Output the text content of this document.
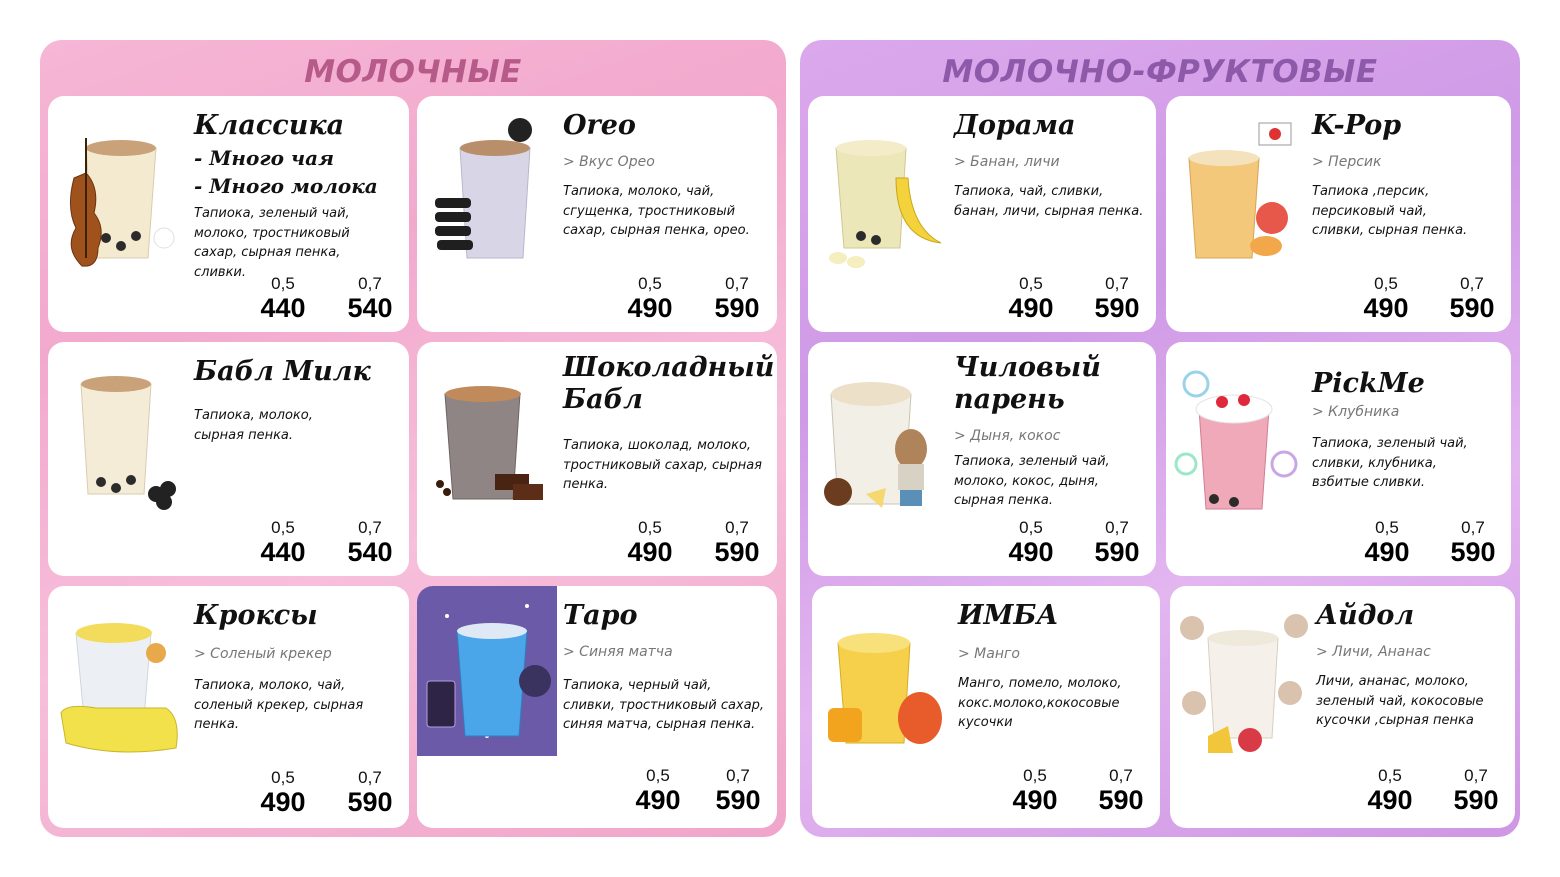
МОЛОЧНЫЕ
Классика
- Много чая
- Много молока
Тапиока, зеленый чай, молоко, тростниковый сахар, сырная пенка, сливки.
0,5
440
0,7
540
Oreo
> Вкус Орео
Тапиока, молоко, чай, сгущенка, тростниковый сахар, сырная пенка, орео.
0,5
490
0,7
590
Бабл Милк
Тапиока, молоко, сырная пенка.
0,5
440
0,7
540
Шоколадный Бабл
Тапиока, шоколад, молоко, тростниковый сахар, сырная пенка.
0,5
490
0,7
590
Кроксы
> Соленый крекер
Тапиока, молоко, чай, соленый крекер, сырная пенка.
0,5
490
0,7
590
Таро
> Синяя матча
Тапиока, черный чай, сливки, тростниковый сахар, синяя матча, сырная пенка.
0,5
490
0,7
590
МОЛОЧНО-ФРУКТОВЫЕ
Дорама
> Банан, личи
Тапиока, чай, сливки, банан, личи, сырная пенка.
0,5
490
0,7
590
K-Pop
> Персик
Тапиока ,персик, персиковый чай, сливки, сырная пенка.
0,5
490
0,7
590
Чиловый парень
> Дыня, кокос
Тапиока, зеленый чай, молоко, кокос, дыня, сырная пенка.
0,5
490
0,7
590
PickMe
> Клубника
Тапиока, зеленый чай, сливки, клубника, взбитые сливки.
0,5
490
0,7
590
ИМБА
> Манго
Манго, помело, молоко, кокс.молоко,кокосовые кусочки
0,5
490
0,7
590
Айдол
> Личи, Ананас
Личи, ананас, молоко, зеленый чай, кокосовые кусочки ,сырная пенка
0,5
490
0,7
590
